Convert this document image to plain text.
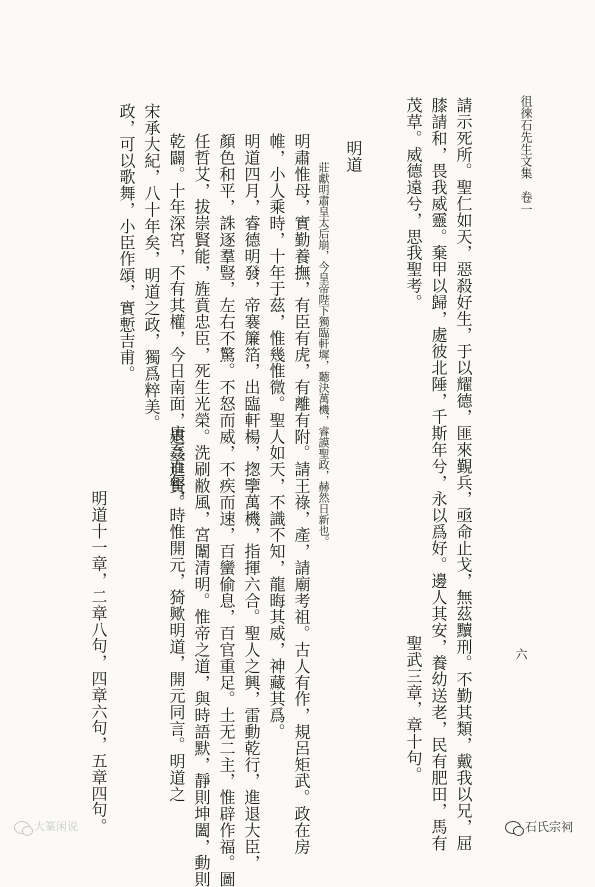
徂徠石先生文集　卷一
六
請示死所。聖仁如天，惡殺好生，于以耀德，匪來覲兵，亟命止戈，無茲黷刑。不勤其類，戴我以兄，屈
膝請和，畏我威靈。棄甲以歸，處彼北陲，千斯年兮，永以爲好。邊人其安，養幼送老，民有肥田，馬有
茂草。威德遠兮，思我聖考。
聖武三章，章十句。
明道
莊獻明肅皇太后崩，今皇帝陛下獨臨軒墀，聽決萬機，睿謨聖政，赫然日新也。
明肅惟母，實勤養撫，有臣有虎，有離有附。請王祿，產，請廟考祖。古人有作，規呂矩武。政在房
帷，小人乘時，十年于茲，惟幾惟微。聖人如天，不識不知，龍晦其威，神藏其爲。
明道四月，睿德明發，帝褰簾箔，出臨軒楊，揔擥萬機，指揮六合。聖人之興，雷動乾行，進退大臣，
顏色和平，誅逐羣豎，左右不驚。不怒而威，不疾而速，百蠻偷息，百官重足。土无二主，惟辟作福。圖
任哲艾，拔崇賢能，旌賁忠臣，死生光榮。洗刷敝風，宮闈清明。惟帝之道，與時語默，靜則坤闔，動則
乾闢。十年深宮，不有其權，今日南面，退姦進賢。
唐三百年，時惟開元，猗歟明道，開元同言。明道之
宋承大紀，八十年矣，明道之政，獨爲粹美。
政，可以歌舞，小臣作頌，實慙吉甫。
明道十一章，二章八句，四章六句，五章四句。
大篆闲说	石氏宗祠
